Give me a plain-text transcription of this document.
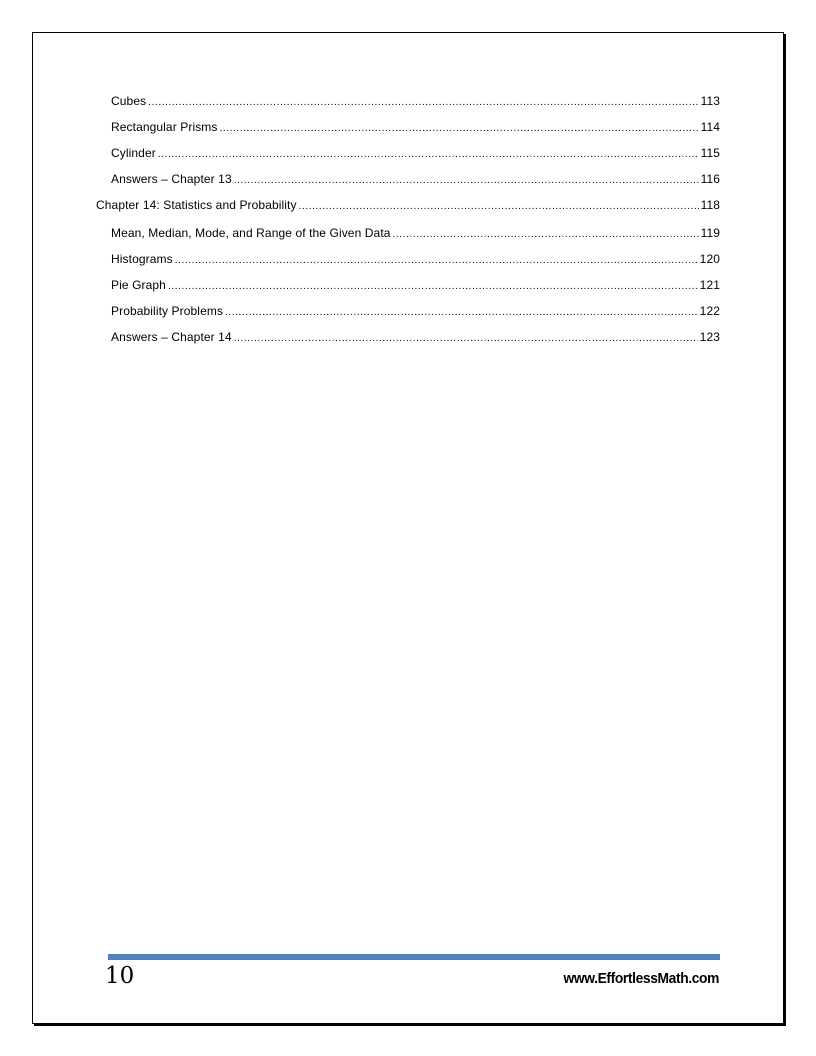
Cubes .....	113
Rectangular Prisms .....	114
Cylinder .....	115
Answers – Chapter 13 .....	116
Chapter 14: Statistics and Probability .....	118
Mean, Median, Mode, and Range of the Given Data .....	119
Histograms .....	120
Pie Graph .....	121
Probability Problems .....	122
Answers – Chapter 14 .....	123
10	www.EffortlessMath.com
